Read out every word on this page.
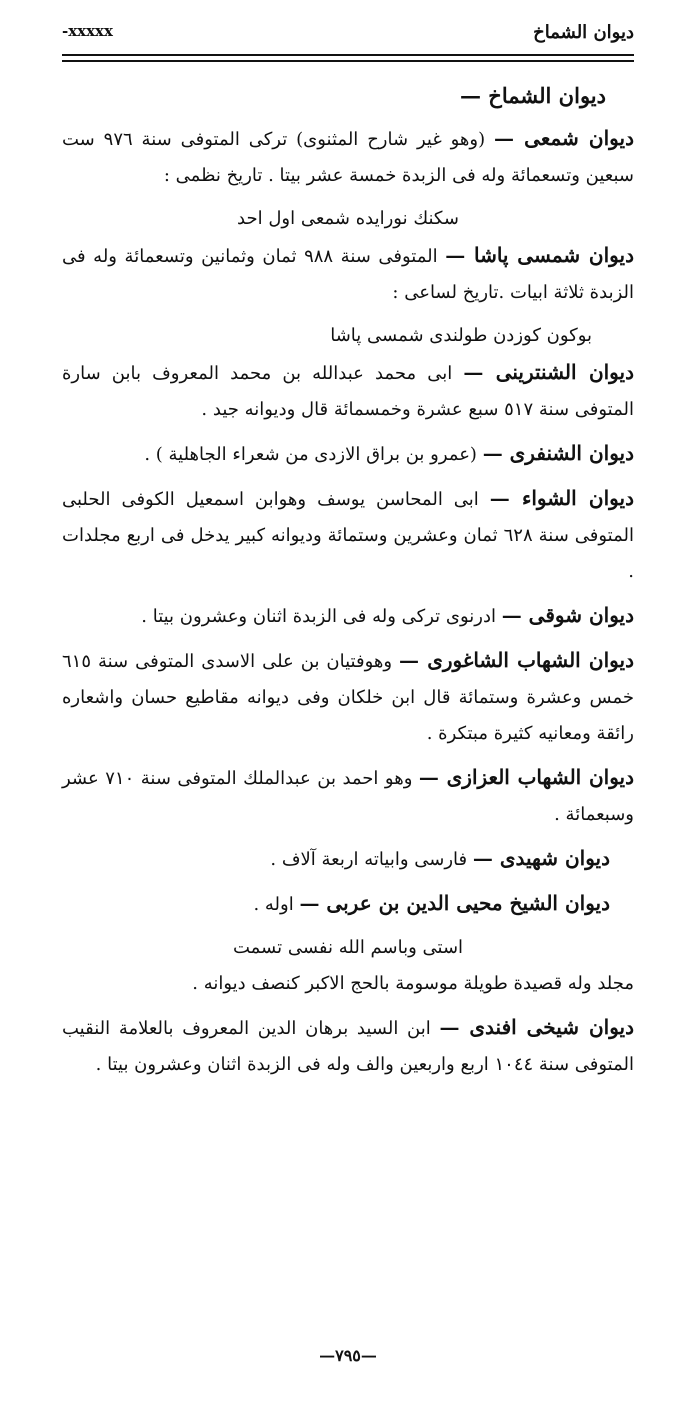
ديوان الشماخ
-xxxxx
ديوان الشماخ —

ديوان شمعى — (وهو غير شارح المثنوى) تركى المتوفى سنة ٩٧٦ ست سبعين وتسعمائة وله فى الزبدة خمسة عشر بيتا . تاريخ نظمى :

سكنك نورايده شمعى اول احد

ديوان شمسى پاشا — المتوفى سنة ٩٨٨ ثمان وثمانين وتسعمائة وله فى الزبدة ثلاثة ابيات .تاريخ لساعى :

بوكون كوزدن طولندى شمسى پاشا

ديوان الشنترينى — ابى محمد عبدالله بن محمد المعروف بابن سارة المتوفى سنة ٥١٧ سبع عشرة وخمسمائة قال وديوانه جيد .

ديوان الشنفرى — (عمرو بن براق الازدى من شعراء الجاهلية ) .

ديوان الشواء — ابى المحاسن يوسف وهوابن اسمعيل الكوفى الحلبى المتوفى سنة ٦٢٨ ثمان وعشرين وستمائة وديوانه كبير يدخل فى اربع مجلدات .

ديوان شوقى — ادرنوى تركى وله فى الزبدة اثنان وعشرون بيتا .

ديوان الشهاب الشاغورى — وهوفتيان بن على الاسدى المتوفى سنة ٦١٥ خمس وعشرة وستمائة قال ابن خلكان وفى ديوانه مقاطيع حسان واشعاره رائقة ومعانيه كثيرة مبتكرة .

ديوان الشهاب العزازى — وهو احمد بن عبدالملك المتوفى سنة ٧١٠ عشر وسبعمائة .

ديوان شهيدى — فارسى وابياته اربعة آلاف .

ديوان الشيخ محيى الدين بن عربى — اوله .

استى وباسم الله نفسى تسمت

مجلد وله قصيدة طويلة موسومة بالحج الاكبر كنصف ديوانه .

ديوان شيخى افندى — ابن السيد برهان الدين المعروف بالعلامة النقيب المتوفى سنة ١٠٤٤ اربع واربعين والف وله فى الزبدة اثنان وعشرون بيتا .

—٧٩٥—
